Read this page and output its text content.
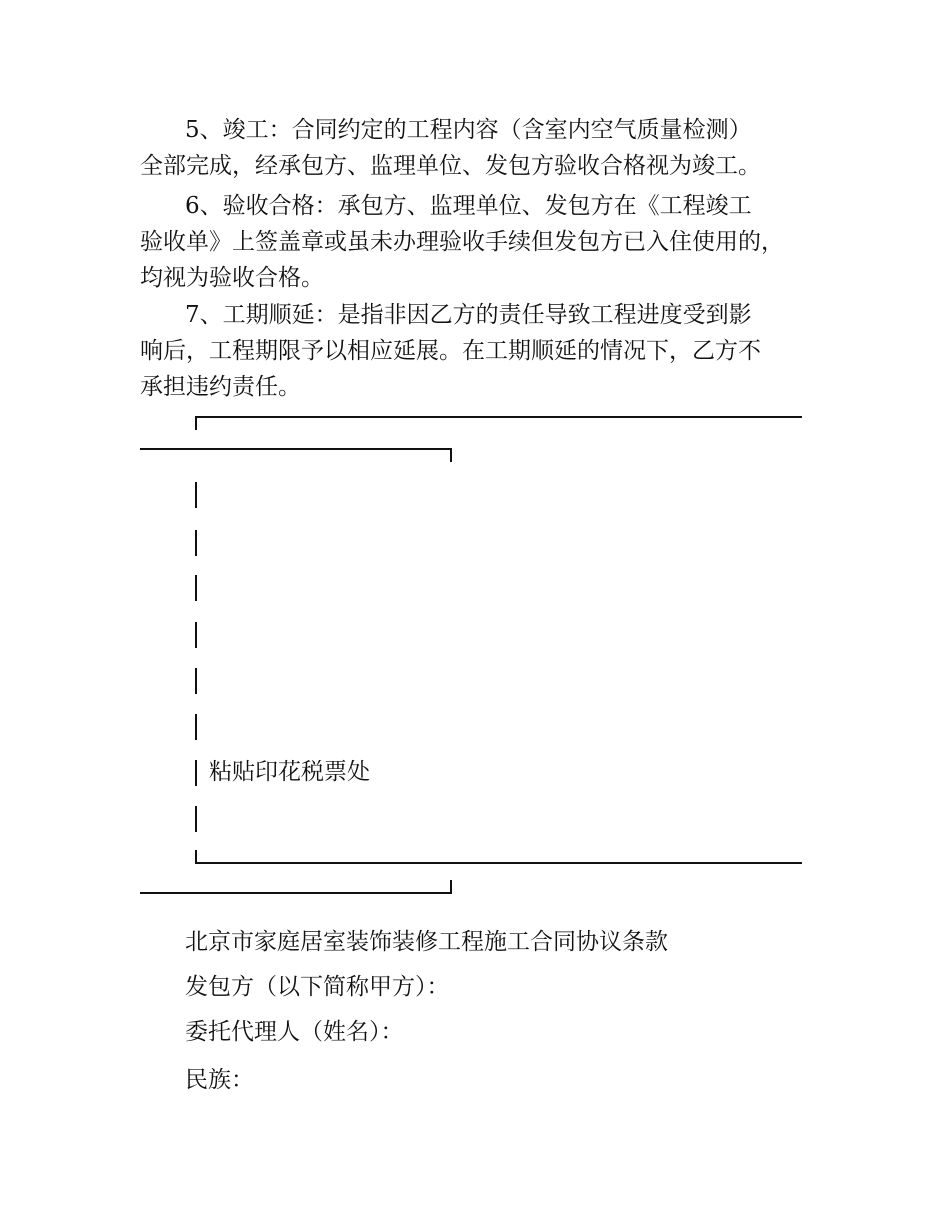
5、竣工：合同约定的工程内容（含室内空气质量检测）
全部完成，经承包方、监理单位、发包方验收合格视为竣工。
6、验收合格：承包方、监理单位、发包方在《工程竣工
验收单》上签盖章或虽未办理验收手续但发包方已入住使用的，
均视为验收合格。
7、工期顺延：是指非因乙方的责任导致工程进度受到影
响后，工程期限予以相应延展。在工期顺延的情况下，乙方不
承担违约责任。
粘贴印花税票处
北京市家庭居室装饰装修工程施工合同协议条款
发包方（以下简称甲方）：
委托代理人（姓名）：
民族：
